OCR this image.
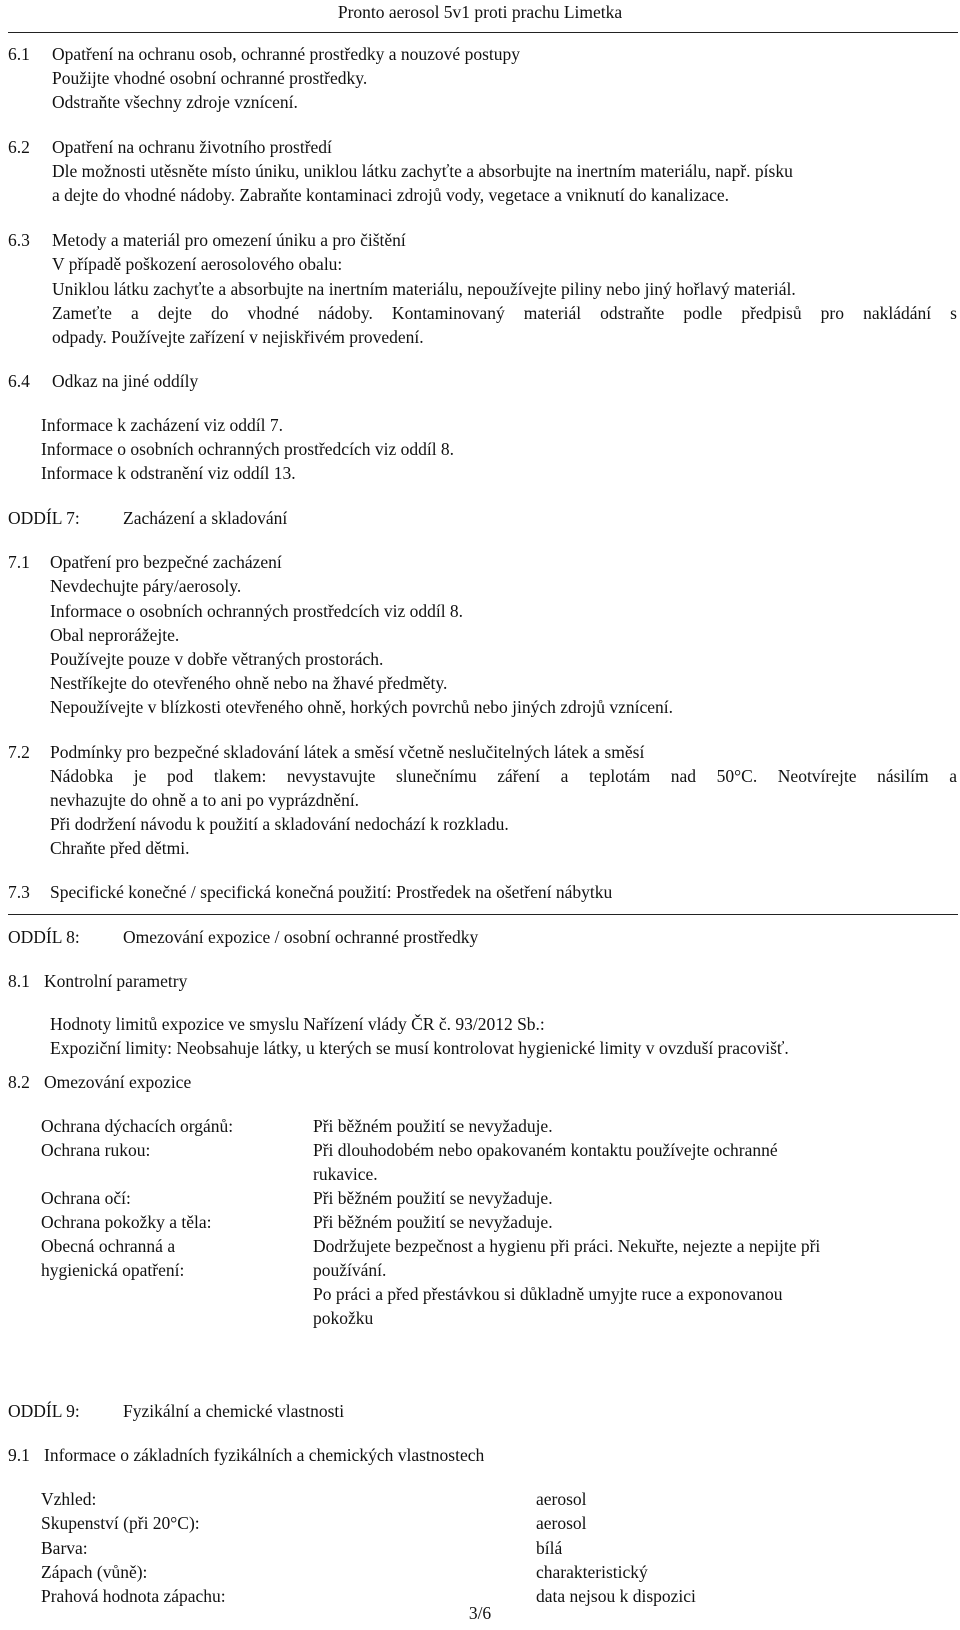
Pronto aerosol 5v1 proti prachu Limetka
6.1 Opatření na ochranu osob, ochranné prostředky a nouzové postupy
Použijte vhodné osobní ochranné prostředky.
Odstraňte všechny zdroje vznícení.
6.2 Opatření na ochranu životního prostředí
Dle možnosti utěsněte místo úniku, uniklou látku zachyťte a absorbujte na inertním materiálu, např. písku
a dejte do vhodné nádoby. Zabraňte kontaminaci zdrojů vody, vegetace a vniknutí do kanalizace.
6.3 Metody a materiál pro omezení úniku a pro čištění
V případě poškození aerosolového obalu:
Uniklou látku zachyťte a absorbujte na inertním materiálu, nepoužívejte piliny nebo jiný hořlavý materiál.
Zameťte a dejte do vhodné nádoby. Kontaminovaný materiál odstraňte podle předpisů pro nakládání s
odpady. Používejte zařízení v nejiskřivém provedení.
6.4 Odkaz na jiné oddíly
Informace k zacházení viz oddíl 7.
Informace o osobních ochranných prostředcích viz oddíl 8.
Informace k odstranění viz oddíl 13.
ODDÍL 7: Zacházení a skladování
7.1 Opatření pro bezpečné zacházení
Nevdechujte páry/aerosoly.
Informace o osobních ochranných prostředcích viz oddíl 8.
Obal neprorážejte.
Používejte pouze v dobře větraných prostorách.
Nestříkejte do otevřeného ohně nebo na žhavé předměty.
Nepoužívejte v blízkosti otevřeného ohně, horkých povrchů nebo jiných zdrojů vznícení.
7.2 Podmínky pro bezpečné skladování látek a směsí včetně neslučitelných látek a směsí
Nádobka je pod tlakem: nevystavujte slunečnímu záření a teplotám nad 50°C. Neotvírejte násilím a
nevhazujte do ohně a to ani po vyprázdnění.
Při dodržení návodu k použití a skladování nedochází k rozkladu.
Chraňte před dětmi.
7.3 Specifické konečné / specifická konečná použití: Prostředek na ošetření nábytku
ODDÍL 8: Omezování expozice / osobní ochranné prostředky
8.1 Kontrolní parametry
Hodnoty limitů expozice ve smyslu Nařízení vlády ČR č. 93/2012 Sb.:
Expoziční limity: Neobsahuje látky, u kterých se musí kontrolovat hygienické limity v ovzduší pracovišť.
8.2 Omezování expozice
Ochrana dýchacích orgánů:	Při běžném použití se nevyžaduje.
Ochrana rukou:	Při dlouhodobém nebo opakovaném kontaktu používejte ochranné
rukavice.
Ochrana očí:	Při běžném použití se nevyžaduje.
Ochrana pokožky a těla:	Při běžném použití se nevyžaduje.
Obecná ochranná a
hygienická opatření:
Dodržujete bezpečnost a hygienu při práci. Nekuřte, nejezte a nepijte při
používání.
Po práci a před přestávkou si důkladně umyjte ruce a exponovanou
pokožku
ODDÍL 9: Fyzikální a chemické vlastnosti
9.1 Informace o základních fyzikálních a chemických vlastnostech
Vzhled:	aerosol
Skupenství (při 20°C):	aerosol
Barva:	bílá
Zápach (vůně):	charakteristický
Prahová hodnota zápachu:	data nejsou k dispozici
3/6
